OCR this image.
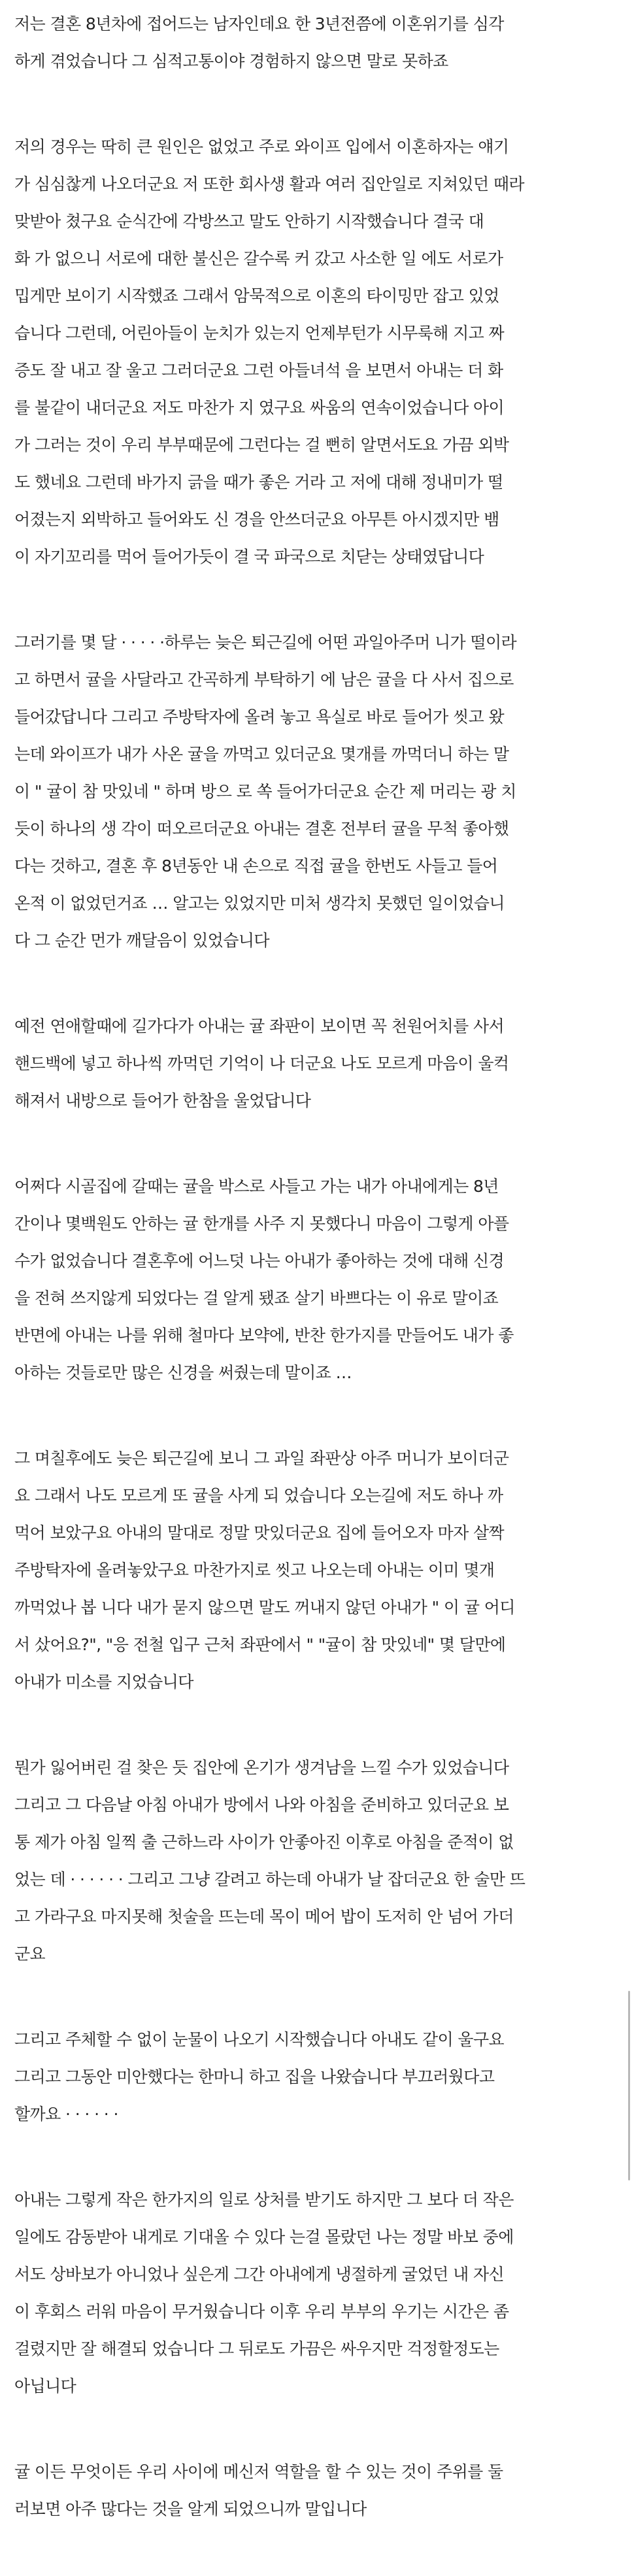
저는 결혼 8년차에 접어드는 남자인데요 한 3년전쯤에 이혼위기를 심각
하게 겪었습니다 그 심적고통이야 경험하지 않으면 말로 못하죠

저의 경우는 딱히 큰 원인은 없었고 주로 와이프 입에서 이혼하자는 얘기
가 심심찮게 나오더군요 저 또한 회사생 활과 여러 집안일로 지쳐있던 때라
맞받아 쳤구요 순식간에 각방쓰고 말도 안하기 시작했습니다 결국 대
화 가 없으니 서로에 대한 불신은 갈수록 커 갔고 사소한 일 에도 서로가
밉게만 보이기 시작했죠 그래서 암묵적으로 이혼의 타이밍만 잡고 있었
습니다 그런데, 어린아들이 눈치가 있는지 언제부턴가 시무룩해 지고 짜
증도 잘 내고 잘 울고 그러더군요 그런 아들녀석 을 보면서 아내는 더 화
를 불같이 내더군요 저도 마찬가 지 였구요 싸움의 연속이었습니다 아이
가 그러는 것이 우리 부부때문에 그런다는 걸 뻔히 알면서도요 가끔 외박
도 했네요 그런데 바가지 긁을 때가 좋은 거라 고 저에 대해 정내미가 떨
어졌는지 외박하고 들어와도 신 경을 안쓰더군요 아무튼 아시겠지만 뱀
이 자기꼬리를 먹어 들어가듯이 결 국 파국으로 치닫는 상태였답니다

그러기를 몇 달 · · · · ·하루는 늦은 퇴근길에 어떤 과일아주머 니가 떨이라
고 하면서 귤을 사달라고 간곡하게 부탁하기 에 남은 귤을 다 사서 집으로
들어갔답니다 그리고 주방탁자에 올려 놓고 욕실로 바로 들어가 씻고 왔
는데 와이프가 내가 사온 귤을 까먹고 있더군요 몇개를 까먹더니 하는 말
이 " 귤이 참 맛있네 " 하며 방으 로 쏙 들어가더군요 순간 제 머리는 광 치
듯이 하나의 생 각이 떠오르더군요 아내는 결혼 전부터 귤을 무척 좋아했
다는 것하고, 결혼 후 8년동안 내 손으로 직접 귤을 한번도 사들고 들어
온적 이 없었던거죠 … 알고는 있었지만 미처 생각치 못했던 일이었습니
다 그 순간 먼가 깨달음이 있었습니다

예전 연애할때에 길가다가 아내는 귤 좌판이 보이면 꼭 천원어치를 사서
핸드백에 넣고 하나씩 까먹던 기억이 나 더군요 나도 모르게 마음이 울컥
해져서 내방으로 들어가 한참을 울었답니다

어쩌다 시골집에 갈때는 귤을 박스로 사들고 가는 내가 아내에게는 8년
간이나 몇백원도 안하는 귤 한개를 사주 지 못했다니 마음이 그렇게 아플
수가 없었습니다 결혼후에 어느덧 나는 아내가 좋아하는 것에 대해 신경
을 전혀 쓰지않게 되었다는 걸 알게 됐죠 살기 바쁘다는 이 유로 말이죠
반면에 아내는 나를 위해 철마다 보약에, 반찬 한가지를 만들어도 내가 좋
아하는 것들로만 많은 신경을 써줬는데 말이죠 …

그 며칠후에도 늦은 퇴근길에 보니 그 과일 좌판상 아주 머니가 보이더군
요 그래서 나도 모르게 또 귤을 사게 되 었습니다 오는길에 저도 하나 까
먹어 보았구요 아내의 말대로 정말 맛있더군요 집에 들어오자 마자 살짝
주방탁자에 올려놓았구요 마찬가지로 씻고 나오는데 아내는 이미 몇개
까먹었나 봅 니다 내가 묻지 않으면 말도 꺼내지 않던 아내가 " 이 귤 어디
서 샀어요?", "응 전철 입구 근처 좌판에서 " "귤이 참 맛있네" 몇 달만에
아내가 미소를 지었습니다

뭔가 잃어버린 걸 찾은 듯 집안에 온기가 생겨남을 느낄 수가 있었습니다
그리고 그 다음날 아침 아내가 방에서 나와 아침을 준비하고 있더군요 보
통 제가 아침 일찍 출 근하느라 사이가 안좋아진 이후로 아침을 준적이 없
었는 데 · · · · · · 그리고 그냥 갈려고 하는데 아내가 날 잡더군요 한 술만 뜨
고 가라구요 마지못해 첫술을 뜨는데 목이 메어 밥이 도저히 안 넘어 가더
군요

그리고 주체할 수 없이 눈물이 나오기 시작했습니다 아내도 같이 울구요
그리고 그동안 미안했다는 한마니 하고 집을 나왔습니다 부끄러웠다고
할까요 · · · · · ·

아내는 그렇게 작은 한가지의 일로 상처를 받기도 하지만 그 보다 더 작은
일에도 감동받아 내게로 기대올 수 있다 는걸 몰랐던 나는 정말 바보 중에
서도 상바보가 아니었나 싶은게 그간 아내에게 냉절하게 굴었던 내 자신
이 후회스 러워 마음이 무거웠습니다 이후 우리 부부의 우기는 시간은 좀
걸렸지만 잘 해결되 었습니다 그 뒤로도 가끔은 싸우지만 걱정할정도는
아닙니다

귤 이든 무엇이든 우리 사이에 메신저 역할을 할 수 있는 것이 주위를 둘
러보면 아주 많다는 것을 알게 되었으니까 말입니다
